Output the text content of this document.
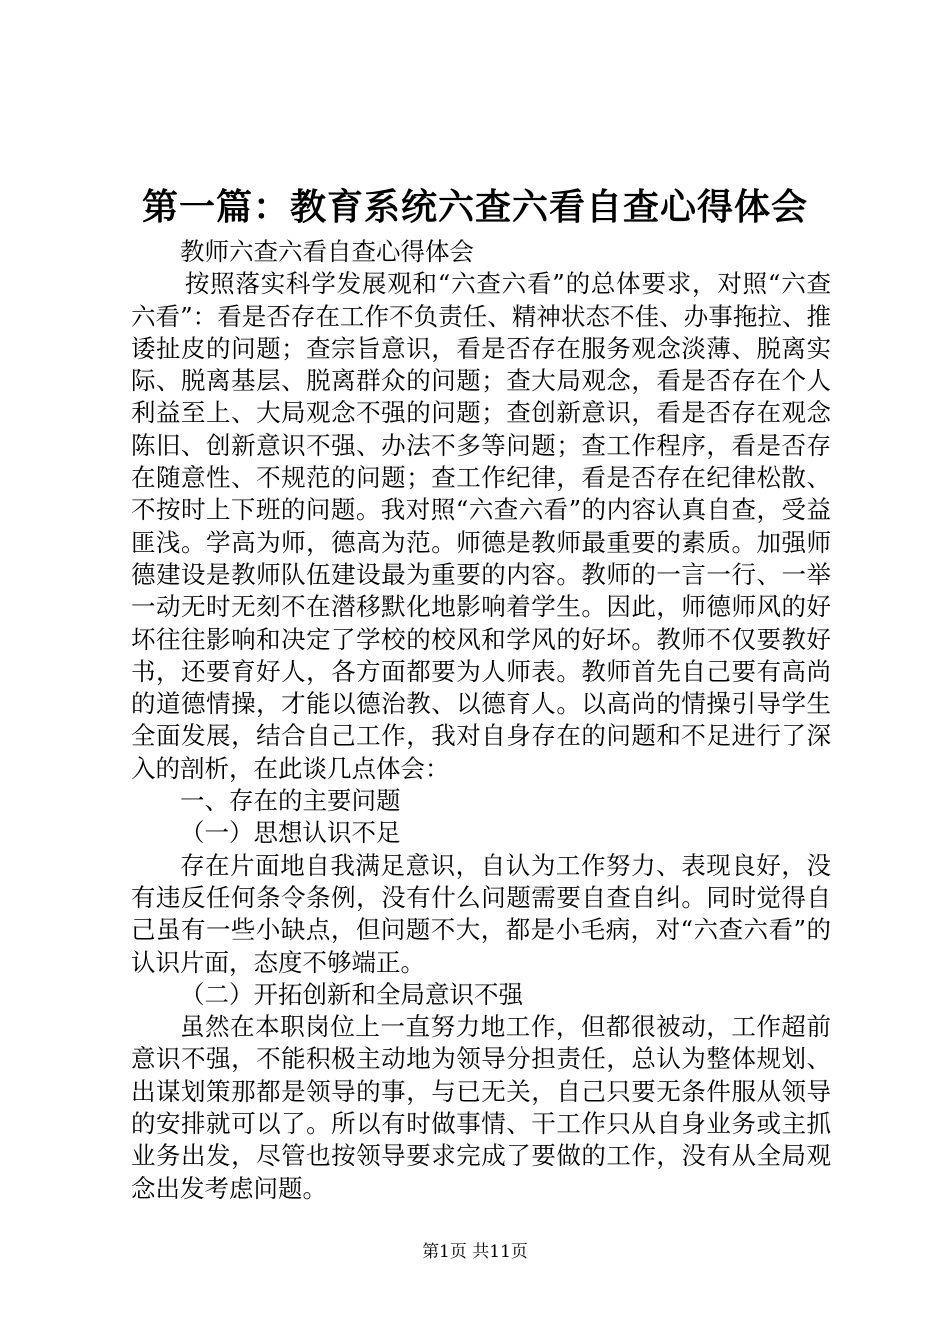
第一篇：教育系统六查六看自查心得体会

教师六查六看自查心得体会

按照落实科学发展观和“六查六看”的总体要求，对照“六查六看”：看是否存在工作不负责任、精神状态不佳、办事拖拉、推诿扯皮的问题；查宗旨意识，看是否存在服务观念淡薄、脱离实际、脱离基层、脱离群众的问题；查大局观念，看是否存在个人利益至上、大局观念不强的问题；查创新意识，看是否存在观念陈旧、创新意识不强、办法不多等问题；查工作程序，看是否存在随意性、不规范的问题；查工作纪律，看是否存在纪律松散、不按时上下班的问题。我对照“六查六看”的内容认真自查，受益匪浅。学高为师，德高为范。师德是教师最重要的素质。加强师德建设是教师队伍建设最为重要的内容。教师的一言一行、一举一动无时无刻不在潜移默化地影响着学生。因此，师德师风的好坏往往影响和决定了学校的校风和学风的好坏。教师不仅要教好书，还要育好人，各方面都要为人师表。教师首先自己要有高尚的道德情操，才能以德治教、以德育人。以高尚的情操引导学生全面发展，结合自己工作，我对自身存在的问题和不足进行了深入的剖析，在此谈几点体会：

一、存在的主要问题

（一）思想认识不足

存在片面地自我满足意识，自认为工作努力、表现良好，没有违反任何条令条例，没有什么问题需要自查自纠。同时觉得自己虽有一些小缺点，但问题不大，都是小毛病，对“六查六看”的认识片面，态度不够端正。

（二）开拓创新和全局意识不强

虽然在本职岗位上一直努力地工作，但都很被动，工作超前意识不强，不能积极主动地为领导分担责任，总认为整体规划、出谋划策那都是领导的事，与已无关，自己只要无条件服从领导的安排就可以了。所以有时做事情、干工作只从自身业务或主抓业务出发，尽管也按领导要求完成了要做的工作，没有从全局观念出发考虑问题。

第1页 共11页
